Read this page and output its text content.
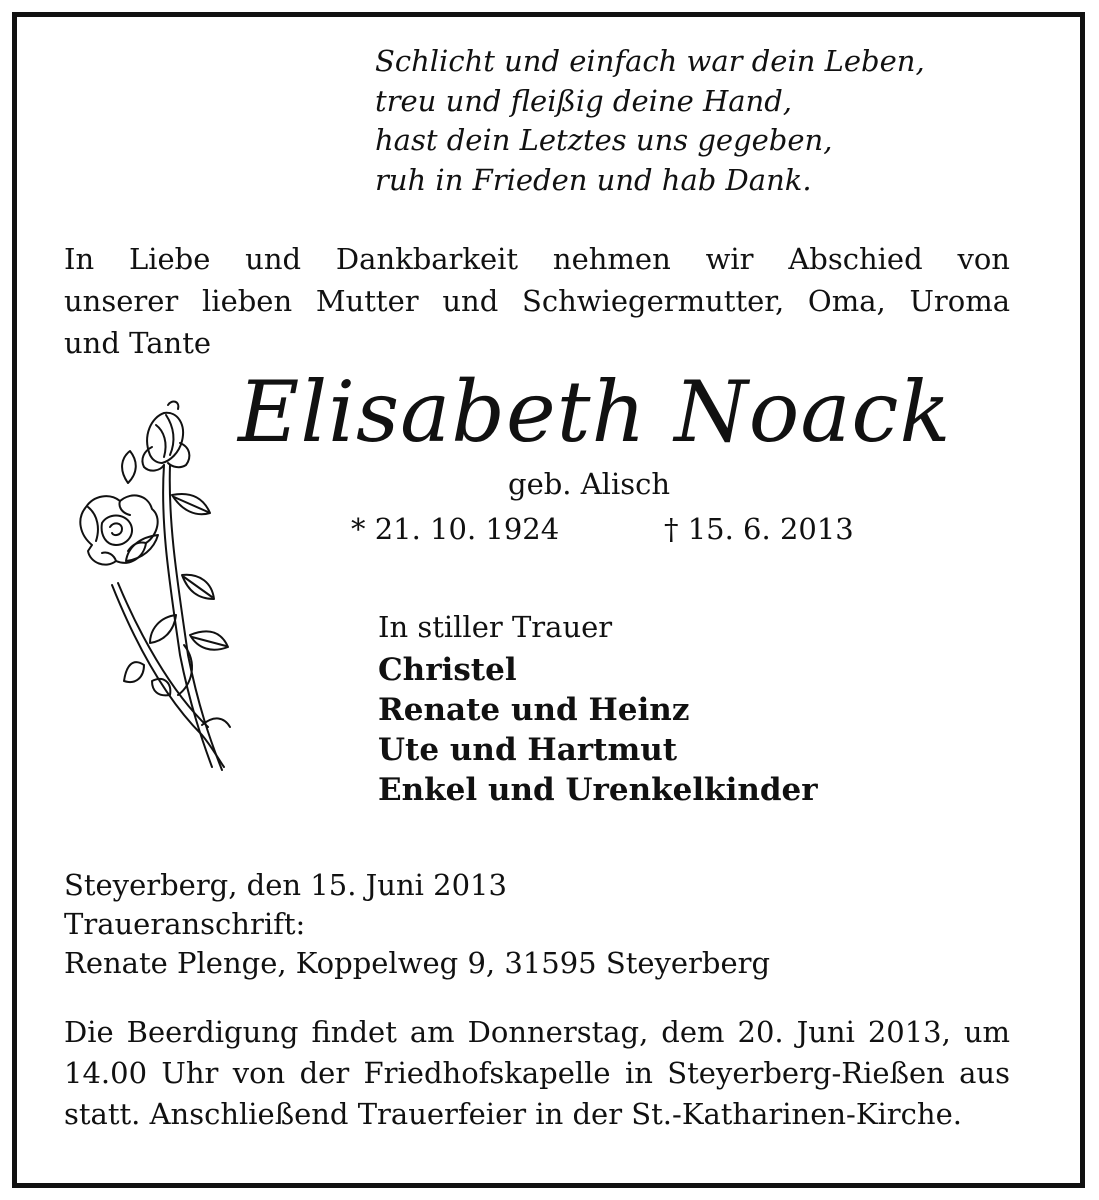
Schlicht und einfach war dein Leben,
treu und fleißig deine Hand,
hast dein Letztes uns gegeben,
ruh in Frieden und hab Dank.
In Liebe und Dankbarkeit nehmen wir Abschied von
unserer lieben Mutter und Schwiegermutter, Oma, Uroma
und Tante
Elisabeth Noack
geb. Alisch
* 21. 10. 1924	† 15. 6. 2013
In stiller Trauer
Christel
Renate und Heinz
Ute und Hartmut
Enkel und Urenkelkinder
Steyerberg, den 15. Juni 2013
Traueranschrift:
Renate Plenge, Koppelweg 9, 31595 Steyerberg
Die Beerdigung findet am Donnerstag, dem 20. Juni 2013, um
14.00 Uhr von der Friedhofskapelle in Steyerberg-Rießen aus
statt. Anschließend Trauerfeier in der St.-Katharinen-Kirche.
